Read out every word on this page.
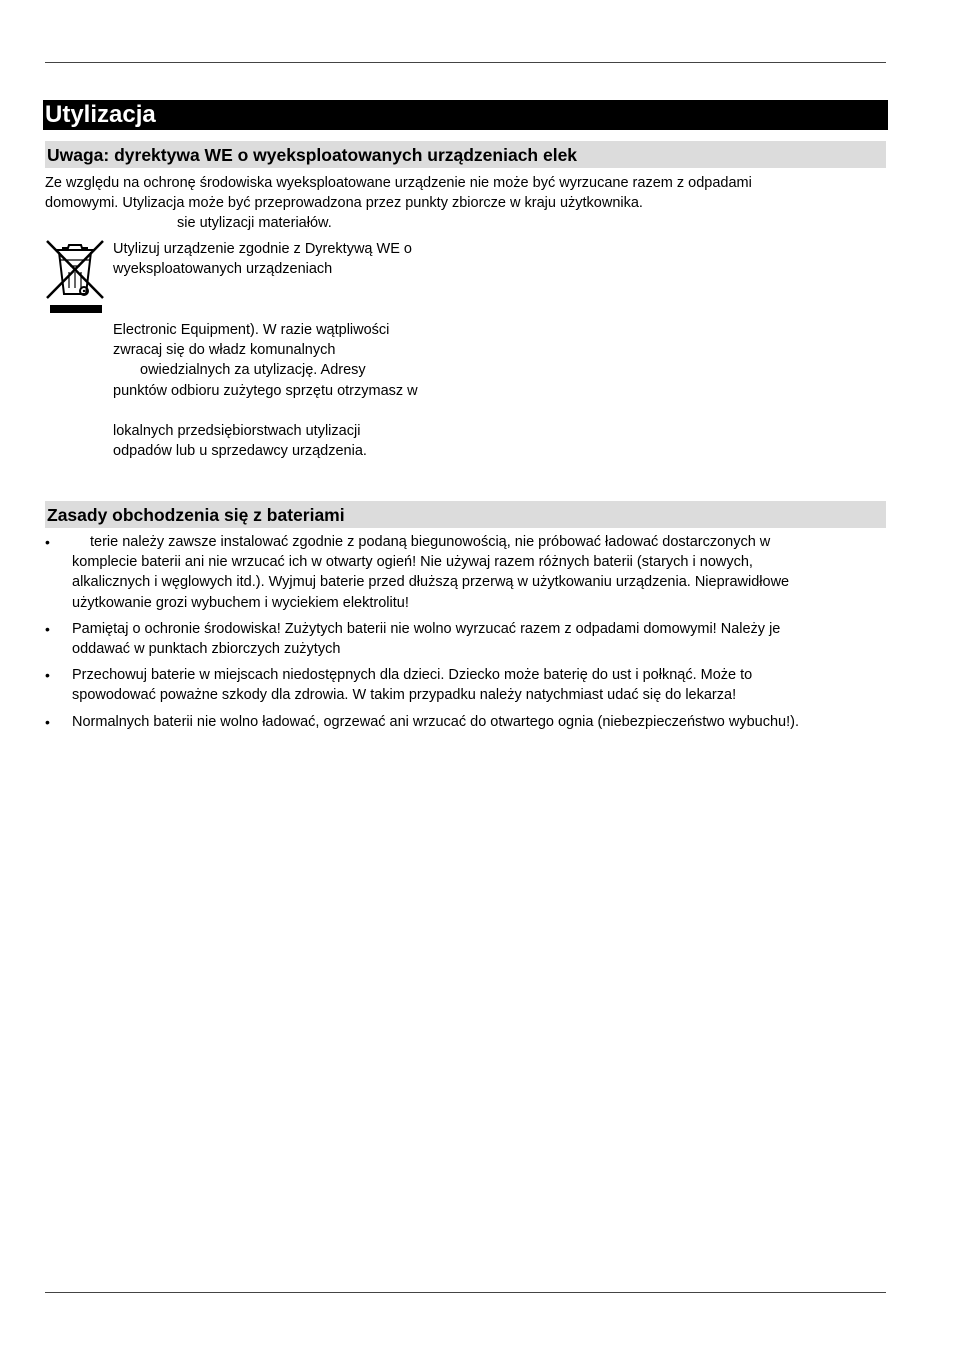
Utylizacja
Uwaga: dyrektywa WE o wyeksploatowanych urządzeniach elek
Ze względu na ochronę środowiska wyeksploatowane urządzenie nie może być wyrzucane razem z odpadami
domowymi. Utylizacja może być przeprowadzona przez punkty zbiorcze w kraju użytkownika.
sie utylizacji materiałów.
Utylizuj urządzenie zgodnie z Dyrektywą WE o
wyeksploatowanych urządzeniach
Electronic Equipment). W razie wątpliwości
zwracaj się do władz komunalnych
owiedzialnych za utylizację. Adresy
punktów odbioru zużytego sprzętu otrzymasz w
lokalnych przedsiębiorstwach utylizacji
odpadów lub u sprzedawcy urządzenia.
Zasady obchodzenia się z bateriami
•	terie należy zawsze instalować zgodnie z podaną biegunowością, nie próbować ładować dostarczonych w
komplecie baterii ani nie wrzucać ich w otwarty ogień! Nie używaj razem różnych baterii (starych i nowych,
alkalicznych i węglowych itd.). Wyjmuj baterie przed dłuższą przerwą w użytkowaniu urządzenia. Nieprawidłowe
użytkowanie grozi wybuchem i wyciekiem elektrolitu!
• Pamiętaj o ochronie środowiska! Zużytych baterii nie wolno wyrzucać razem z odpadami domowymi! Należy je
oddawać w punktach zbiorczych zużytych
• Przechowuj baterie w miejscach niedostępnych dla dzieci. Dziecko może baterię do ust i połknąć. Może to
spowodować poważne szkody dla zdrowia. W takim przypadku należy natychmiast udać się do lekarza!
• Normalnych baterii nie wolno ładować, ogrzewać ani wrzucać do otwartego ognia (niebezpieczeństwo wybuchu!).
